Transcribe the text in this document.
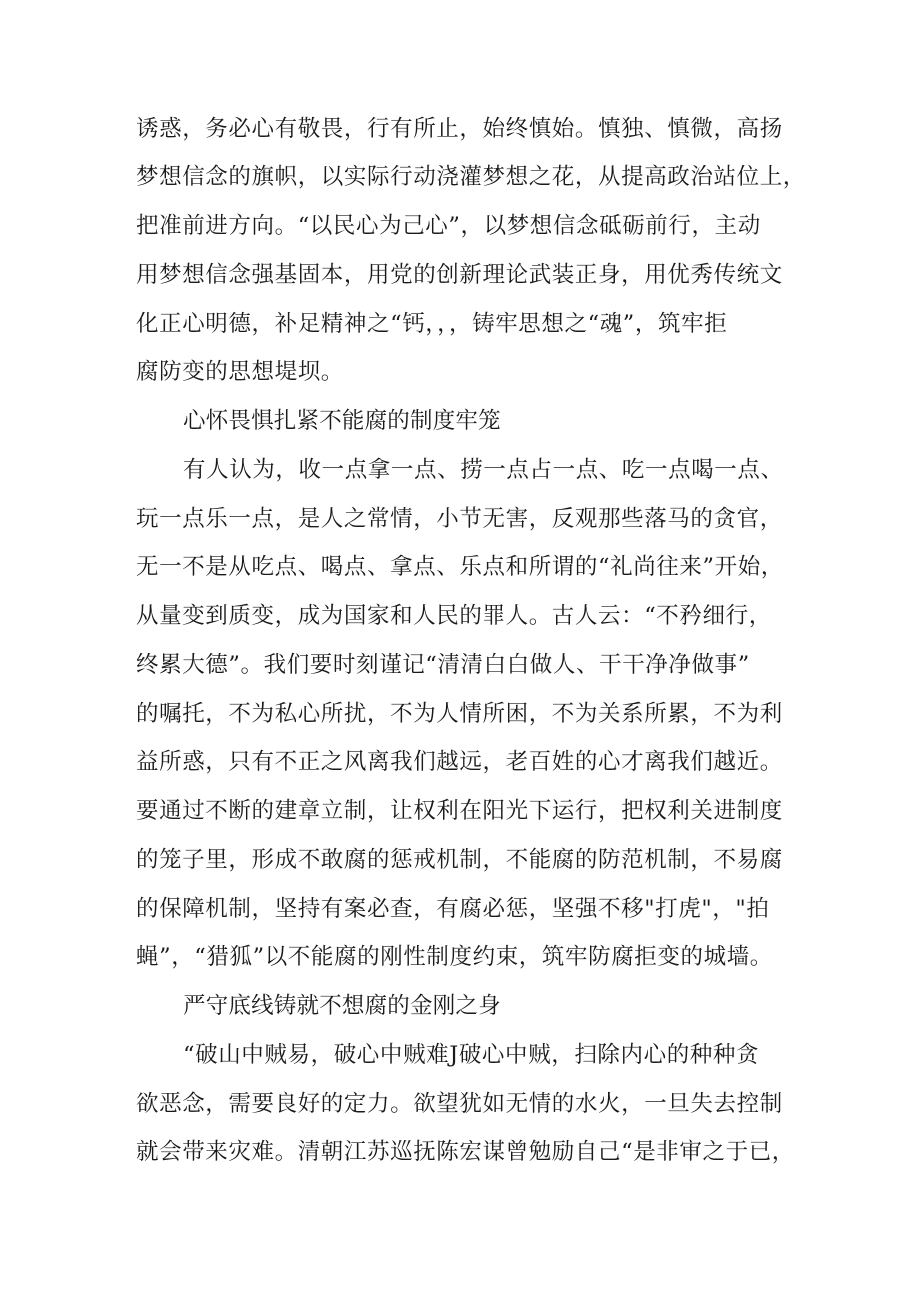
诱惑，务必心有敬畏，行有所止，始终慎始。慎独、慎微，高扬
梦想信念的旗帜，以实际行动浇灌梦想之花，从提高政治站位上，
把准前进方向。“以民心为己心”，以梦想信念砥砺前行，主动
用梦想信念强基固本，用党的创新理论武装正身，用优秀传统文
化正心明德，补足精神之“钙，，，铸牢思想之“魂”，筑牢拒
腐防变的思想堤坝。
心怀畏惧扎紧不能腐的制度牢笼
有人认为，收一点拿一点、捞一点占一点、吃一点喝一点、
玩一点乐一点，是人之常情，小节无害，反观那些落马的贪官，
无一不是从吃点、喝点、拿点、乐点和所谓的“礼尚往来”开始，
从量变到质变，成为国家和人民的罪人。古人云：“不矜细行，
终累大德”。我们要时刻谨记“清清白白做人、干干净净做事”
的嘱托，不为私心所扰，不为人情所困，不为关系所累，不为利
益所惑，只有不正之风离我们越远，老百姓的心才离我们越近。
要通过不断的建章立制，让权利在阳光下运行，把权利关进制度
的笼子里，形成不敢腐的惩戒机制，不能腐的防范机制，不易腐
的保障机制，坚持有案必查，有腐必惩，坚强不移"打虎"，"拍
蝇”，“猎狐”以不能腐的刚性制度约束，筑牢防腐拒变的城墙。
严守底线铸就不想腐的金刚之身
“破山中贼易，破心中贼难J破心中贼，扫除内心的种种贪
欲恶念，需要良好的定力。欲望犹如无情的水火，一旦失去控制
就会带来灾难。清朝江苏巡抚陈宏谋曾勉励自己“是非审之于已，
